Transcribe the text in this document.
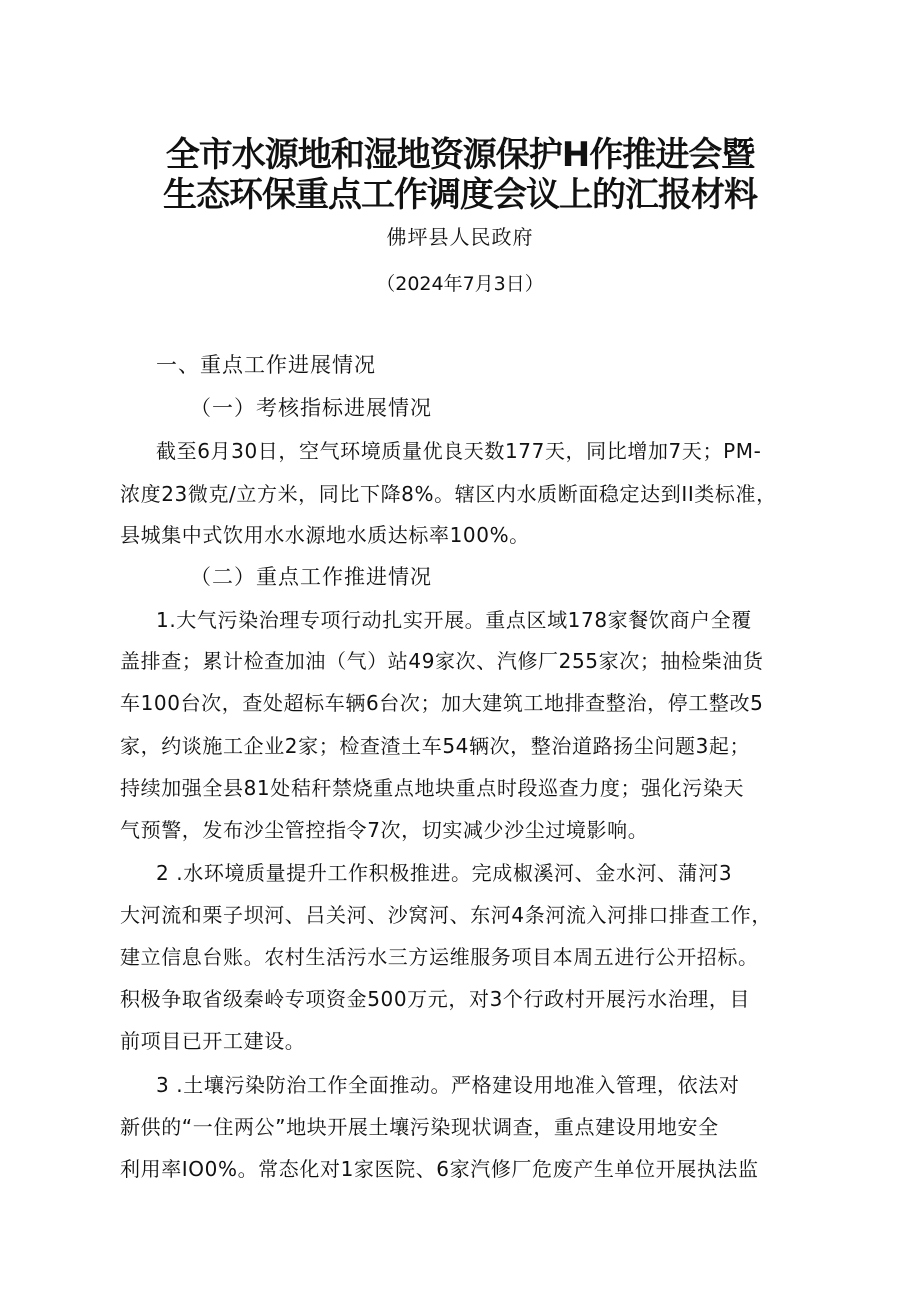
全市水源地和湿地资源保护H作推进会暨
生态环保重点工作调度会议上的汇报材料
佛坪县人民政府
（2024年7月3日）
一、重点工作进展情况
（一）考核指标进展情况
截至6月30日，空气环境质量优良天数177天，同比增加7天；PM-
浓度23微克/立方米，同比下降8%。辖区内水质断面稳定达到II类标准，
县城集中式饮用水水源地水质达标率100%。
（二）重点工作推进情况
1.大气污染治理专项行动扎实开展。重点区域178家餐饮商户全覆
盖排查；累计检查加油（气）站49家次、汽修厂255家次；抽检柴油货
车100台次，查处超标车辆6台次；加大建筑工地排查整治，停工整改5
家，约谈施工企业2家；检查渣土车54辆次，整治道路扬尘问题3起；
持续加强全县81处秸秆禁烧重点地块重点时段巡查力度；强化污染天
气预警，发布沙尘管控指令7次，切实减少沙尘过境影响。
2 .水环境质量提升工作积极推进。完成椒溪河、金水河、蒲河3
大河流和栗子坝河、吕关河、沙窝河、东河4条河流入河排口排查工作，
建立信息台账。农村生活污水三方运维服务项目本周五进行公开招标。
积极争取省级秦岭专项资金500万元，对3个行政村开展污水治理，目
前项目已开工建设。
3 .土壤污染防治工作全面推动。严格建设用地准入管理，依法对
新供的“一住两公”地块开展土壤污染现状调查，重点建设用地安全
利用率IO0%。常态化对1家医院、6家汽修厂危废产生单位开展执法监
